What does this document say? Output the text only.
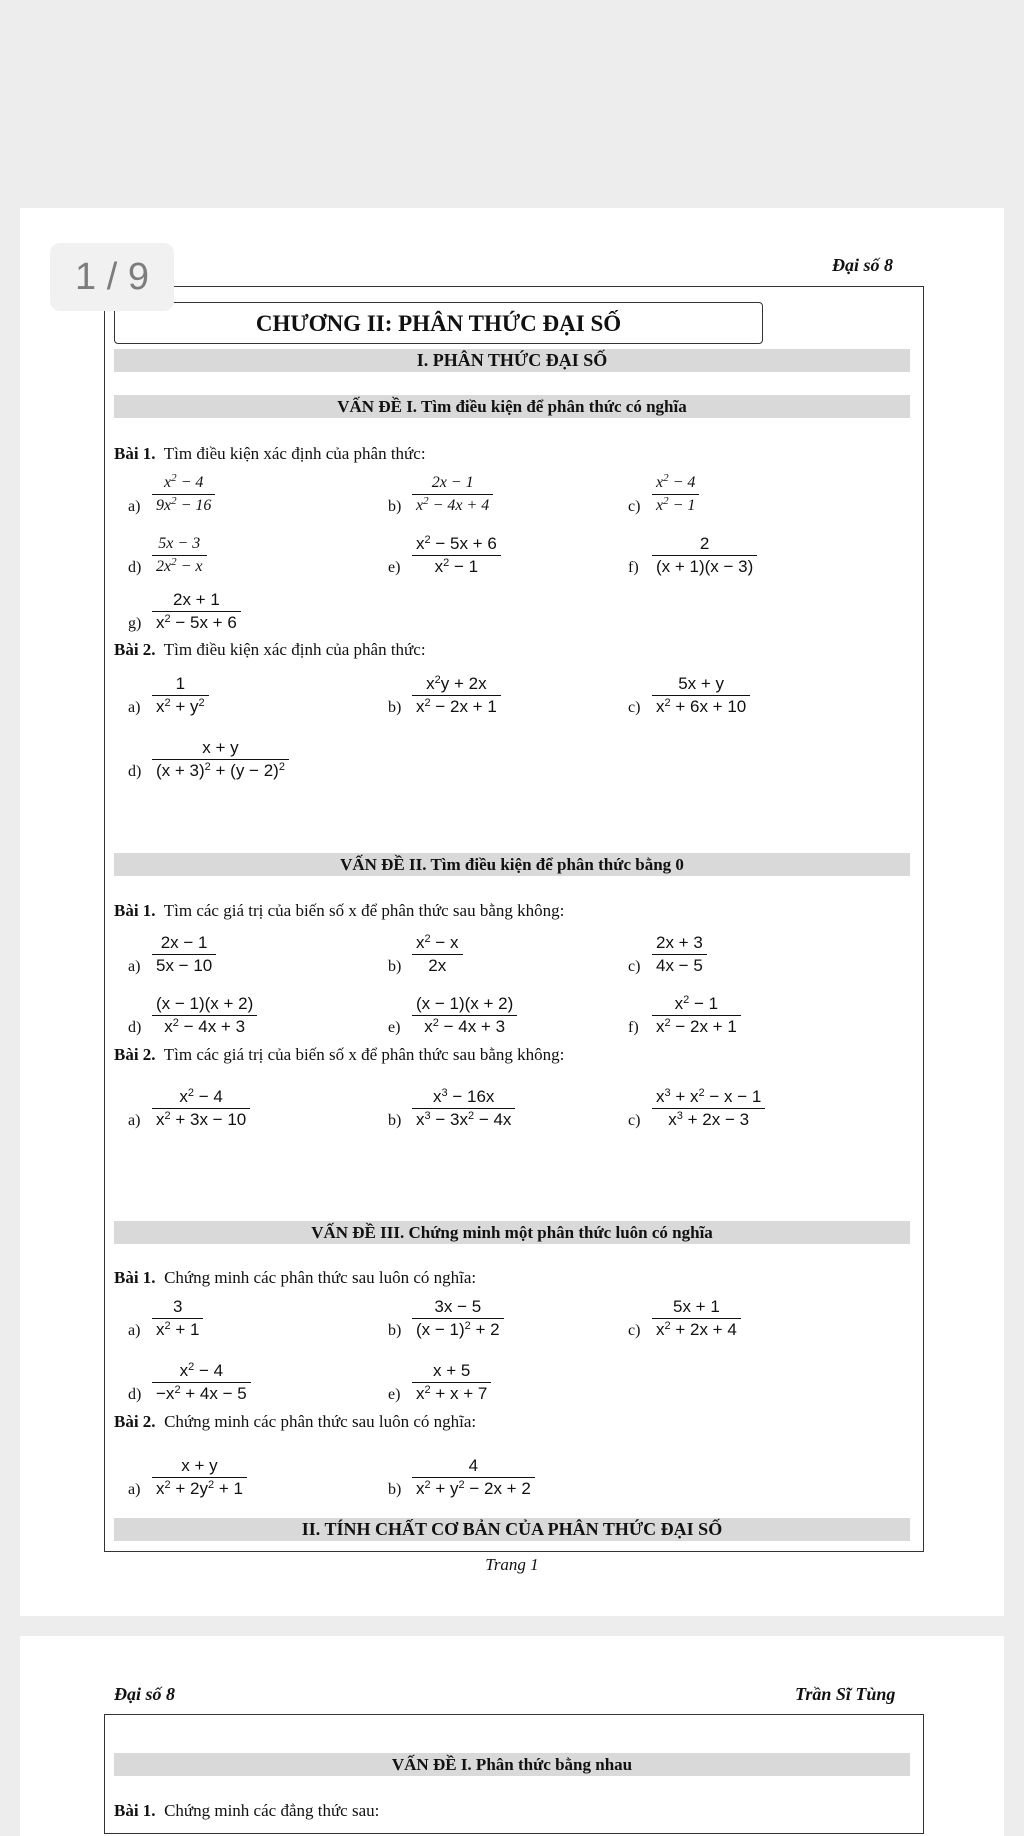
1 / 9	Đại số 8
CHƯƠNG II: PHÂN THỨC ĐẠI SỐ
I. PHÂN THỨC ĐẠI SỐ
VẤN ĐỀ I. Tìm điều kiện để phân thức có nghĩa
Bài 1. Tìm điều kiện xác định của phân thức:
a)
$x^2 - 4$
$9x^2 - 16$	b)
2x − 1
$x^2 - 4x + 4$	c)
$x^2 - 4$
$x^2 - 1$
d)
5x − 3
$2x^2 - x$	e)
$x^2 - 5x + 6$
$x^2 - 1$	f)
2
(x + 1)(x − 3)
g)
2x + 1
$x^2 - 5x + 6$
Bài 2. Tìm điều kiện xác định của phân thức:
a)
1
$x^2 + y^2$	b)
$x^2y + 2x$
$x^2 - 2x + 1$	c)
5x + y
$x^2 + 6x + 10$
d)
x + y
$(x + 3)^2 + (y - 2)^2$
VẤN ĐỀ II. Tìm điều kiện để phân thức bằng 0
Bài 1. Tìm các giá trị của biến số x để phân thức sau bằng không:
a)
2x − 1
5x − 10	b)
$x^2 - x$
2x	c)
2x + 3
4x − 5
d)
(x − 1)(x + 2)
$x^2 - 4x + 3$	e)
(x − 1)(x + 2)
$x^2 - 4x + 3$	f)
$x^2 - 1$
$x^2 - 2x + 1$
Bài 2. Tìm các giá trị của biến số x để phân thức sau bằng không:
a)
$x^2 - 4$
$x^2 + 3x - 10$	b)
$x^3 - 16x$
$x^3 - 3x^2 - 4x$	c)
$x^3 + x^2 - x - 1$
$x^3 + 2x - 3$
VẤN ĐỀ III. Chứng minh một phân thức luôn có nghĩa
Bài 1. Chứng minh các phân thức sau luôn có nghĩa:
a)
3
$x^2 + 1$	b)
3x − 5
$(x - 1)^2 + 2$	c)
5x + 1
$x^2 + 2x + 4$
d)
$x^2 - 4$
$-x^2 + 4x - 5$	e)
x + 5
$x^2 + x + 7$
Bài 2. Chứng minh các phân thức sau luôn có nghĩa:
a)
x + y
$x^2 + 2y^2 + 1$	b)
4
$x^2 + y^2 - 2x + 2$
II. TÍNH CHẤT CƠ BẢN CỦA PHÂN THỨC ĐẠI SỐ
Trang 1
Đại số 8	Trần Sĩ Tùng
VẤN ĐỀ I. Phân thức bằng nhau
Bài 1. Chứng minh các đẳng thức sau:
